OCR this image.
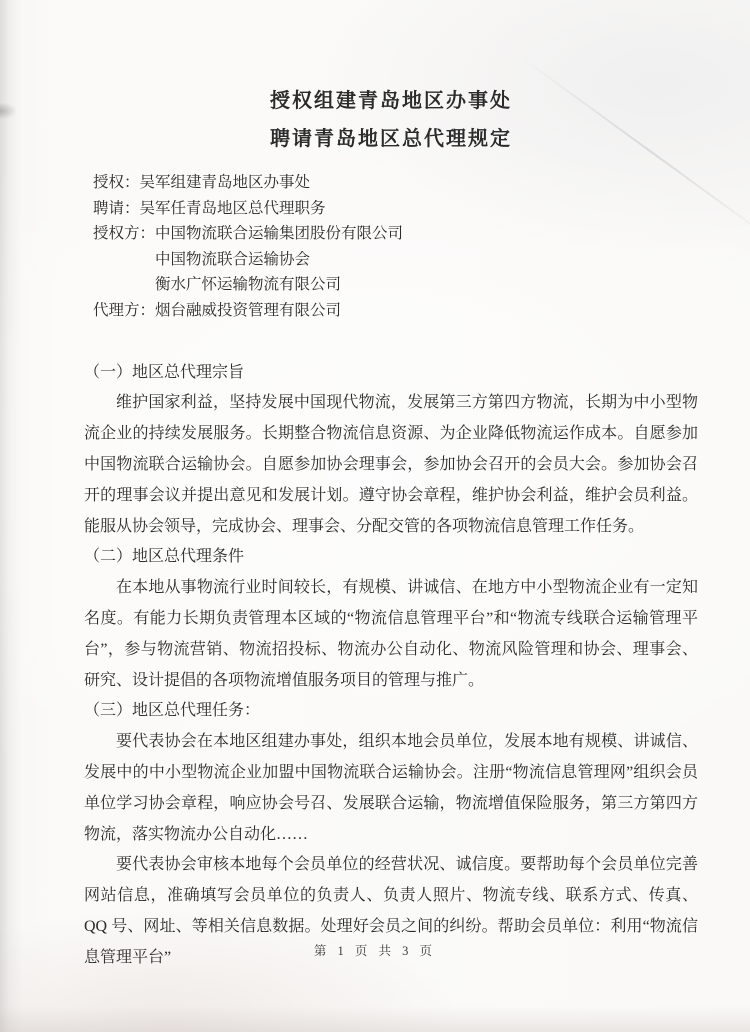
授权组建青岛地区办事处
聘请青岛地区总代理规定
授权：吴军组建青岛地区办事处
聘请：吴军任青岛地区总代理职务
授权方：中国物流联合运输集团股份有限公司
中国物流联合运输协会
衡水广怀运输物流有限公司
代理方：烟台融威投资管理有限公司
（一）地区总代理宗旨

维护国家利益，坚持发展中国现代物流，发展第三方第四方物流，长期为中小型物流企业的持续发展服务。长期整合物流信息资源、为企业降低物流运作成本。自愿参加中国物流联合运输协会。自愿参加协会理事会，参加协会召开的会员大会。参加协会召开的理事会议并提出意见和发展计划。遵守协会章程，维护协会利益，维护会员利益。能服从协会领导，完成协会、理事会、分配交管的各项物流信息管理工作任务。

（二）地区总代理条件

在本地从事物流行业时间较长，有规模、讲诚信、在地方中小型物流企业有一定知名度。有能力长期负责管理本区域的“物流信息管理平台”和“物流专线联合运输管理平台”，参与物流营销、物流招投标、物流办公自动化、物流风险管理和协会、理事会、研究、设计提倡的各项物流增值服务项目的管理与推广。

（三）地区总代理任务：

要代表协会在本地区组建办事处，组织本地会员单位，发展本地有规模、讲诚信、发展中的中小型物流企业加盟中国物流联合运输协会。注册“物流信息管理网”组织会员单位学习协会章程，响应协会号召、发展联合运输，物流增值保险服务，第三方第四方物流，落实物流办公自动化……

要代表协会审核本地每个会员单位的经营状况、诚信度。要帮助每个会员单位完善网站信息，准确填写会员单位的负责人、负责人照片、物流专线、联系方式、传真、QQ 号、网址、等相关信息数据。处理好会员之间的纠纷。帮助会员单位：利用“物流信息管理平台”	第 1 页 共 3 页
